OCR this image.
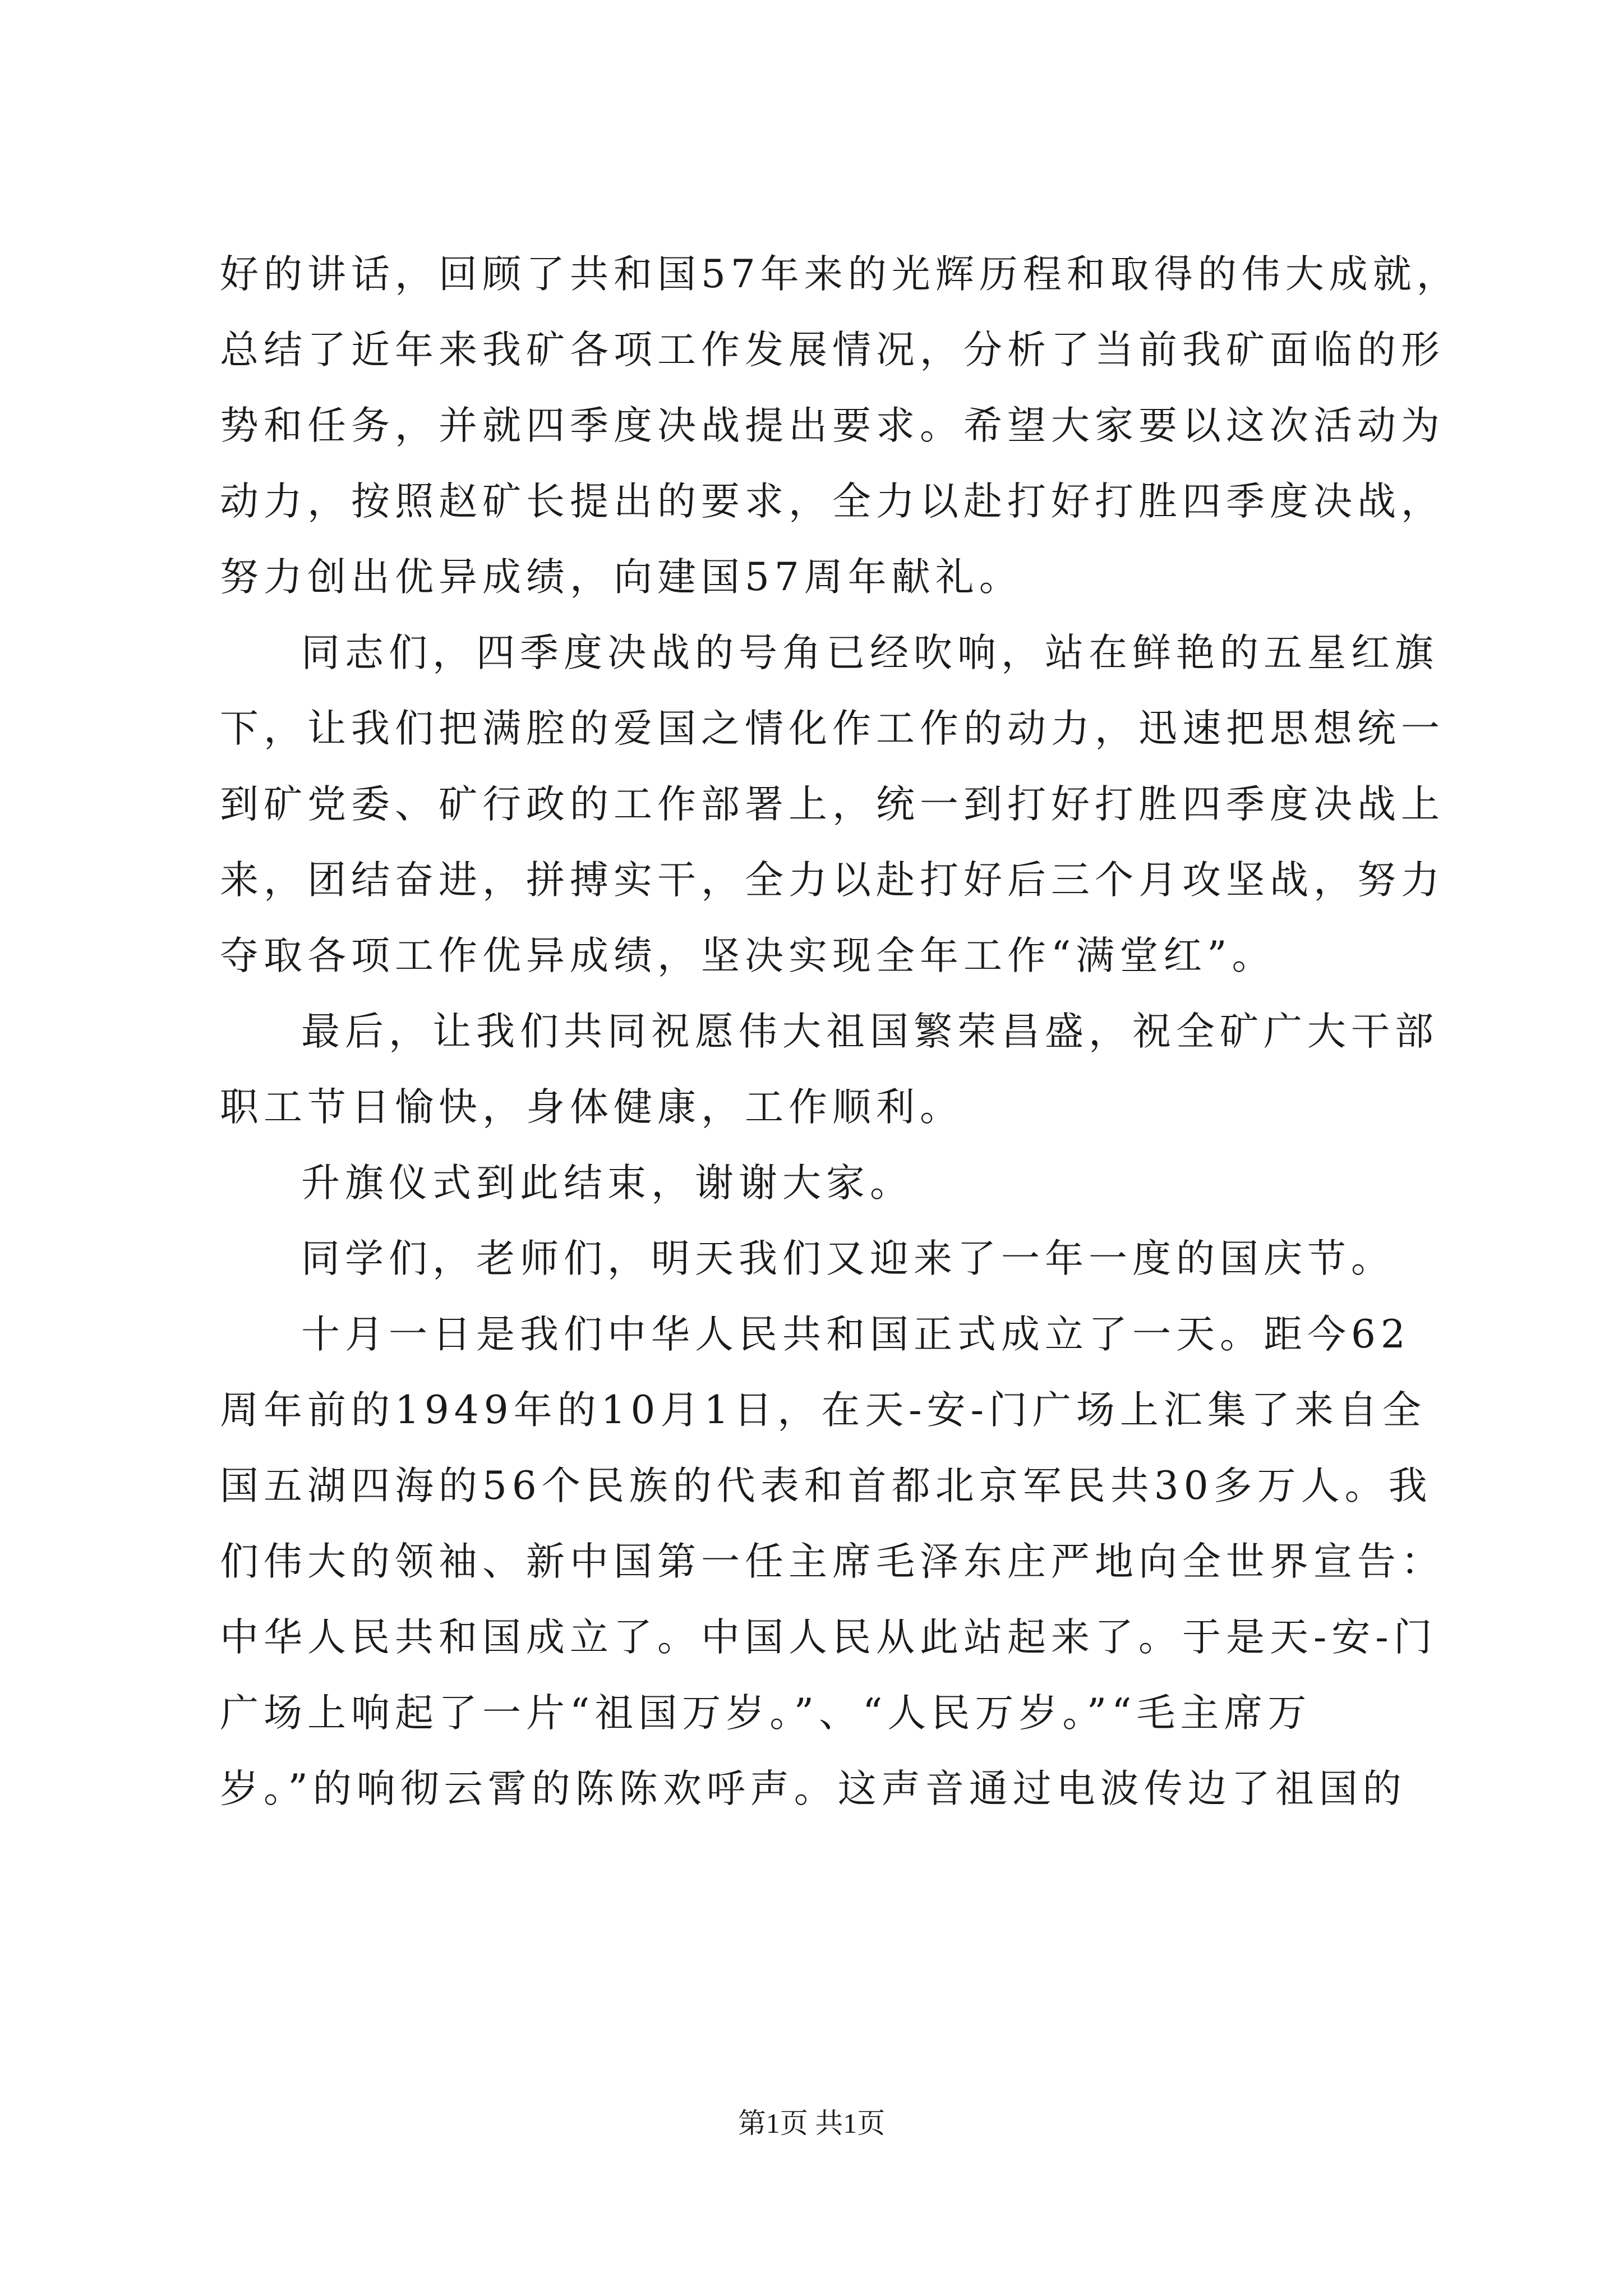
好的讲话，回顾了共和国57年来的光辉历程和取得的伟大成就，
总结了近年来我矿各项工作发展情况，分析了当前我矿面临的形
势和任务，并就四季度决战提出要求。希望大家要以这次活动为
动力，按照赵矿长提出的要求，全力以赴打好打胜四季度决战，
努力创出优异成绩，向建国57周年献礼。
同志们，四季度决战的号角已经吹响，站在鲜艳的五星红旗
下，让我们把满腔的爱国之情化作工作的动力，迅速把思想统一
到矿党委、矿行政的工作部署上，统一到打好打胜四季度决战上
来，团结奋进，拼搏实干，全力以赴打好后三个月攻坚战，努力
夺取各项工作优异成绩，坚决实现全年工作“满堂红”。
最后，让我们共同祝愿伟大祖国繁荣昌盛，祝全矿广大干部
职工节日愉快，身体健康，工作顺利。
升旗仪式到此结束，谢谢大家。
同学们，老师们，明天我们又迎来了一年一度的国庆节。
十月一日是我们中华人民共和国正式成立了一天。距今62
周年前的1949年的10月1日，在天-安-门广场上汇集了来自全
国五湖四海的56个民族的代表和首都北京军民共30多万人。我
们伟大的领袖、新中国第一任主席毛泽东庄严地向全世界宣告：
中华人民共和国成立了。中国人民从此站起来了。于是天-安-门
广场上响起了一片“祖国万岁。”、“人民万岁。”“毛主席万
岁。”的响彻云霄的陈陈欢呼声。这声音通过电波传边了祖国的
第1页 共1页
